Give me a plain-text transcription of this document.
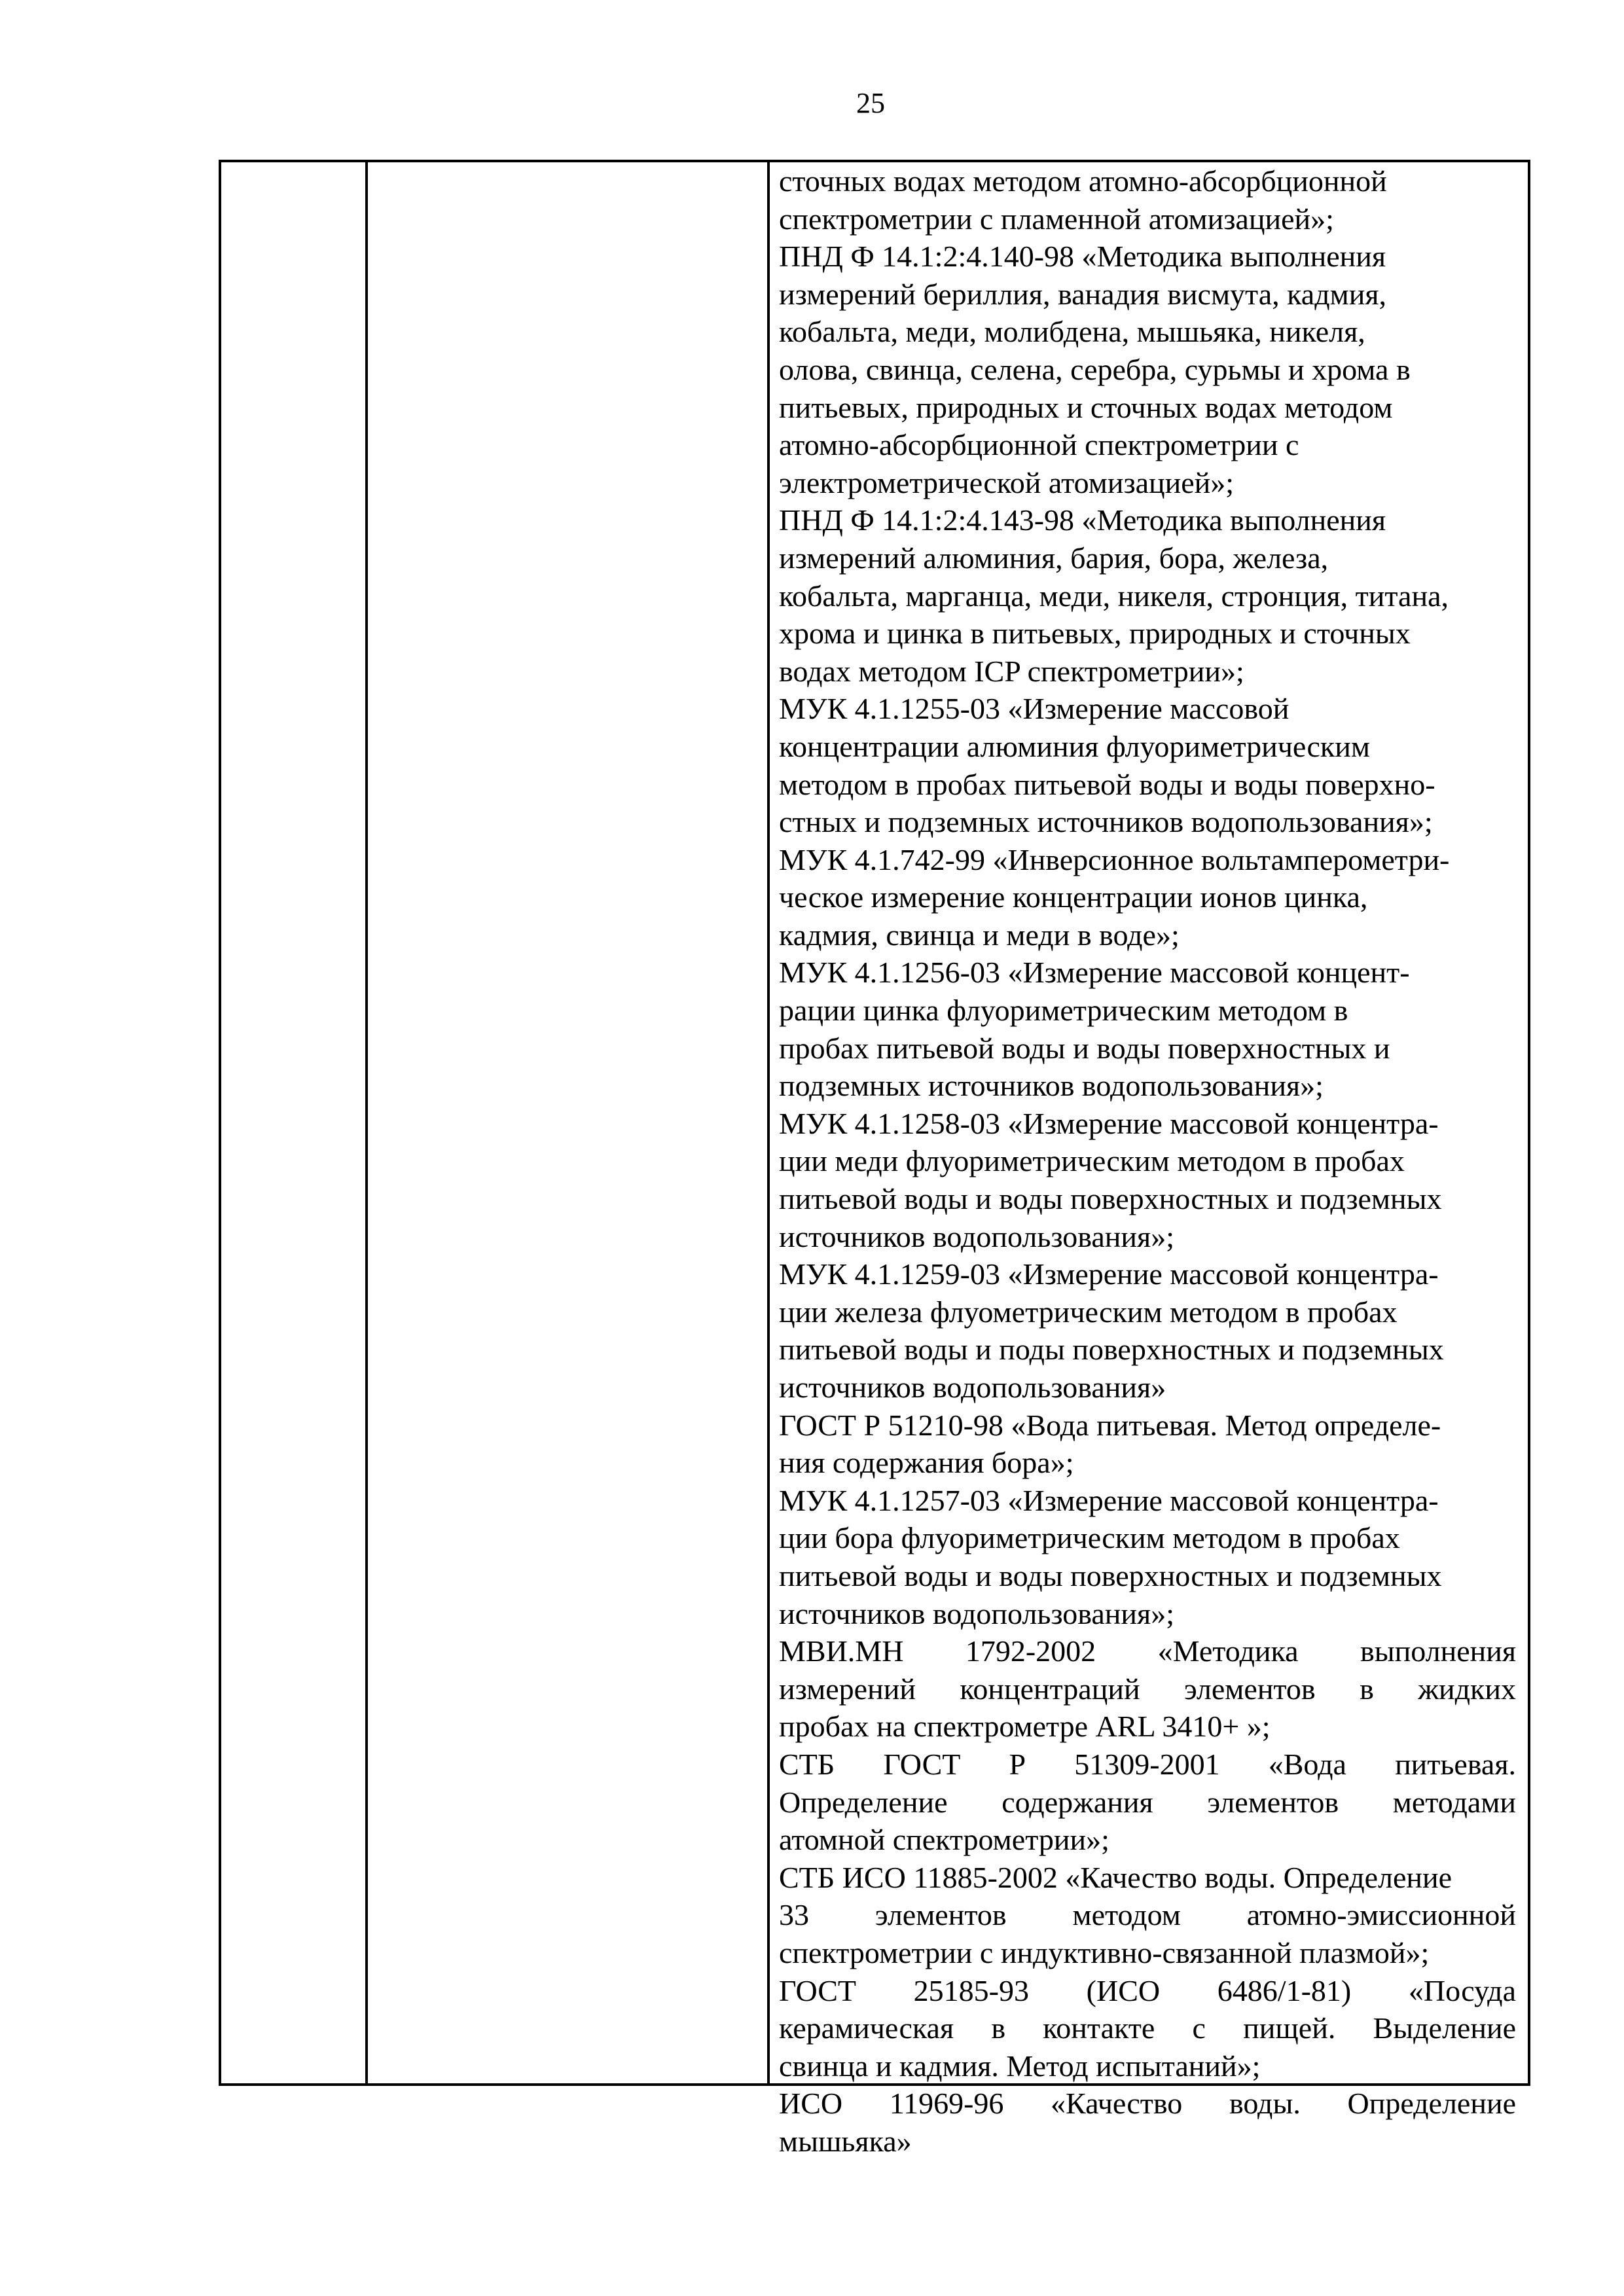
25
сточных водах методом атомно-абсорбционной
спектрометрии с пламенной атомизацией»;
ПНД Ф 14.1:2:4.140-98 «Методика выполнения
измерений бериллия, ванадия висмута, кадмия,
кобальта, меди, молибдена, мышьяка, никеля,
олова, свинца, селена, серебра, сурьмы и хрома в
питьевых, природных и сточных водах методом
атомно-абсорбционной спектрометрии с
электрометрической атомизацией»;
ПНД Ф 14.1:2:4.143-98 «Методика выполнения
измерений алюминия, бария, бора, железа,
кобальта, марганца, меди, никеля, стронция, титана,
хрома и цинка в питьевых, природных и сточных
водах методом ICP спектрометрии»;
МУК 4.1.1255-03 «Измерение массовой
концентрации алюминия флуориметрическим
методом в пробах питьевой воды и воды поверхно-
стных и подземных источников водопользования»;
МУК 4.1.742-99 «Инверсионное вольтамперометри-
ческое измерение концентрации ионов цинка,
кадмия, свинца и меди в воде»;
МУК 4.1.1256-03 «Измерение массовой концент-
рации цинка флуориметрическим методом в
пробах питьевой воды и воды поверхностных и
подземных источников водопользования»;
МУК 4.1.1258-03 «Измерение массовой концентра-
ции меди флуориметрическим методом в пробах
питьевой воды и воды поверхностных и подземных
источников водопользования»;
МУК 4.1.1259-03 «Измерение массовой концентра-
ции железа флуометрическим методом в пробах
питьевой воды и поды поверхностных и подземных
источников водопользования»
ГОСТ Р 51210-98 «Вода питьевая. Метод определе-
ния содержания бора»;
МУК 4.1.1257-03 «Измерение массовой концентра-
ции бора флуориметрическим методом в пробах
питьевой воды и воды поверхностных и подземных
источников водопользования»;
МВИ.МН 1792-2002 «Методика выполнения
измерений концентраций элементов в жидких
пробах на спектрометре ARL 3410+ »;
СТБ ГОСТ Р 51309-2001 «Вода питьевая.
Определение содержания элементов методами
атомной спектрометрии»;
СТБ ИСО 11885-2002 «Качество воды. Определение
33 элементов методом атомно-эмиссионной
спектрометрии с индуктивно-связанной плазмой»;
ГОСТ 25185-93 (ИСО 6486/1-81) «Посуда
керамическая в контакте с пищей. Выделение
свинца и кадмия. Метод испытаний»;
ИСО 11969-96 «Качество воды. Определение
мышьяка»
